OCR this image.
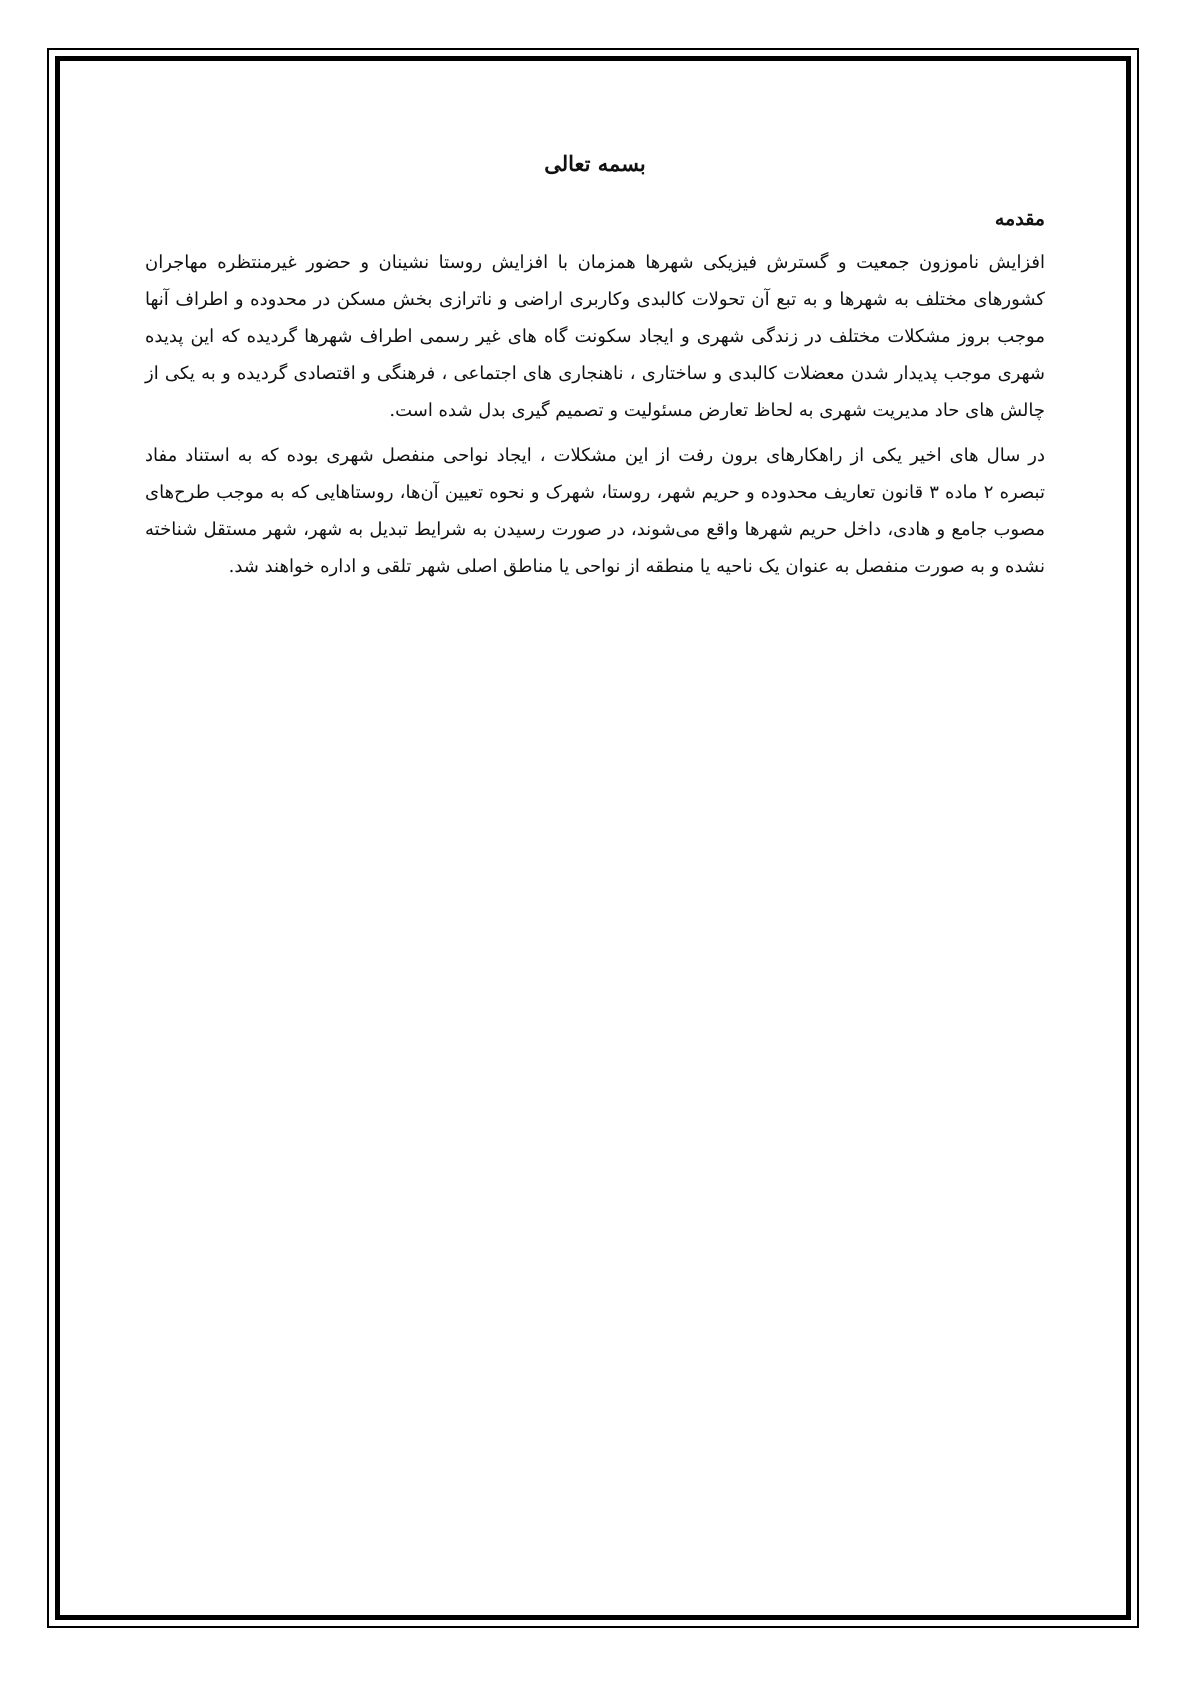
بسمه تعالی
مقدمه

افزایش ناموزون جمعیت و گسترش فیزیکی شهرها همزمان با افزایش روستا نشینان و حضور غیرمنتظره مهاجران کشورهای مختلف به شهرها و به تبع آن تحولات کالبدی وکاربری اراضی و ناترازی بخش مسکن در محدوده و اطراف آنها موجب بروز مشکلات مختلف در زندگی شهری و ایجاد سکونت گاه های غیر رسمی اطراف شهرها گردیده که این پدیده شهری موجب پدیدار شدن معضلات کالبدی و ساختاری ، ناهنجاری های اجتماعی ، فرهنگی و اقتصادی گردیده و به یکی از چالش های حاد مدیریت شهری به لحاظ تعارض مسئولیت و تصمیم گیری بدل شده است.

در سال های اخیر یکی از راهکارهای برون رفت از این مشکلات ، ایجاد نواحی منفصل شهری بوده که به استناد مفاد تبصره ۲ ماده ۳ قانون تعاریف محدوده و حریم شهر، روستا، شهرک و نحوه تعیین آن‌ها، روستاهایی که به موجب طرح‌های مصوب جامع و هادی، داخل حریم شهرها واقع می‌شوند، در صورت رسیدن به شرایط تبدیل به شهر، شهر مستقل شناخته نشده و به صورت منفصل به عنوان یک ناحیه یا منطقه از نواحی یا مناطق اصلی شهر تلقی و اداره خواهند شد.
